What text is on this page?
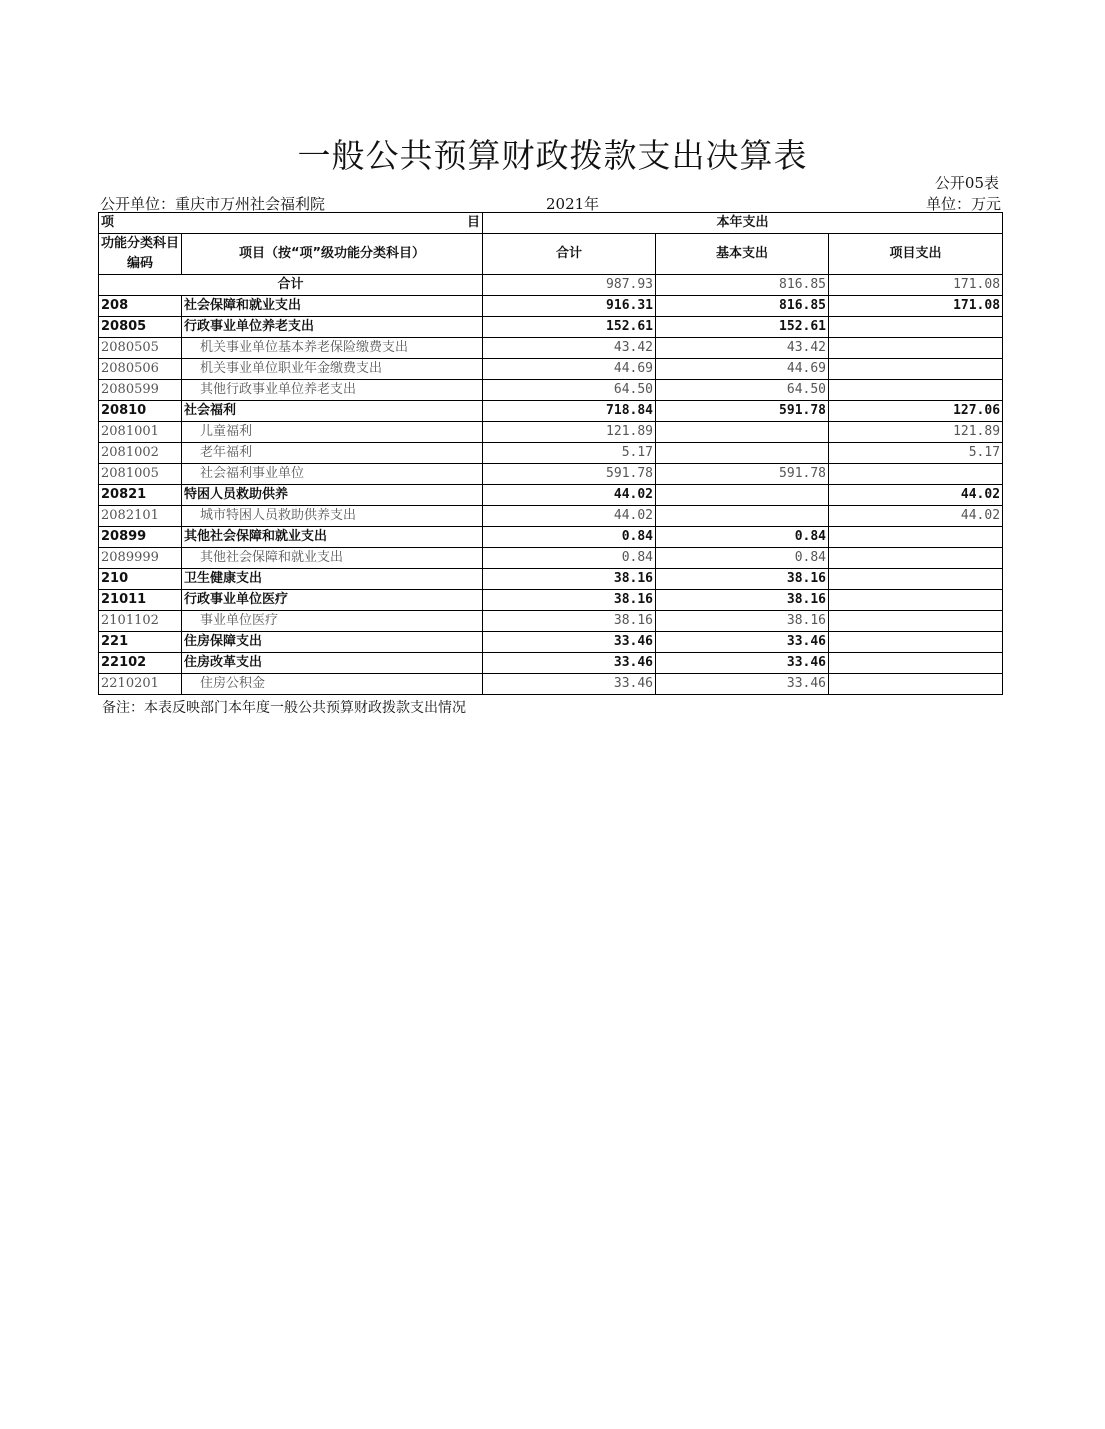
一般公共预算财政拨款支出决算表
公开05表
公开单位：重庆市万州社会福利院	2021年	单位：万元
项 目		本年支出		
功能分类科目编码	项目（按“项”级功能分类科目）	合计	基本支出	项目支出
合计		987.93	816.85	171.08
208	社会保障和就业支出	916.31	816.85	171.08
20805	行政事业单位养老支出	152.61	152.61	
2080505	机关事业单位基本养老保险缴费支出	43.42	43.42	
2080506	机关事业单位职业年金缴费支出	44.69	44.69	
2080599	其他行政事业单位养老支出	64.50	64.50	
20810	社会福利	718.84	591.78	127.06
2081001	儿童福利	121.89		121.89
2081002	老年福利	5.17		5.17
2081005	社会福利事业单位	591.78	591.78	
20821	特困人员救助供养	44.02		44.02
2082101	城市特困人员救助供养支出	44.02		44.02
20899	其他社会保障和就业支出	0.84	0.84	
2089999	其他社会保障和就业支出	0.84	0.84	
210	卫生健康支出	38.16	38.16	
21011	行政事业单位医疗	38.16	38.16	
2101102	事业单位医疗	38.16	38.16	
221	住房保障支出	33.46	33.46	
22102	住房改革支出	33.46	33.46	
2210201	住房公积金	33.46	33.46	
备注：本表反映部门本年度一般公共预算财政拨款支出情况
